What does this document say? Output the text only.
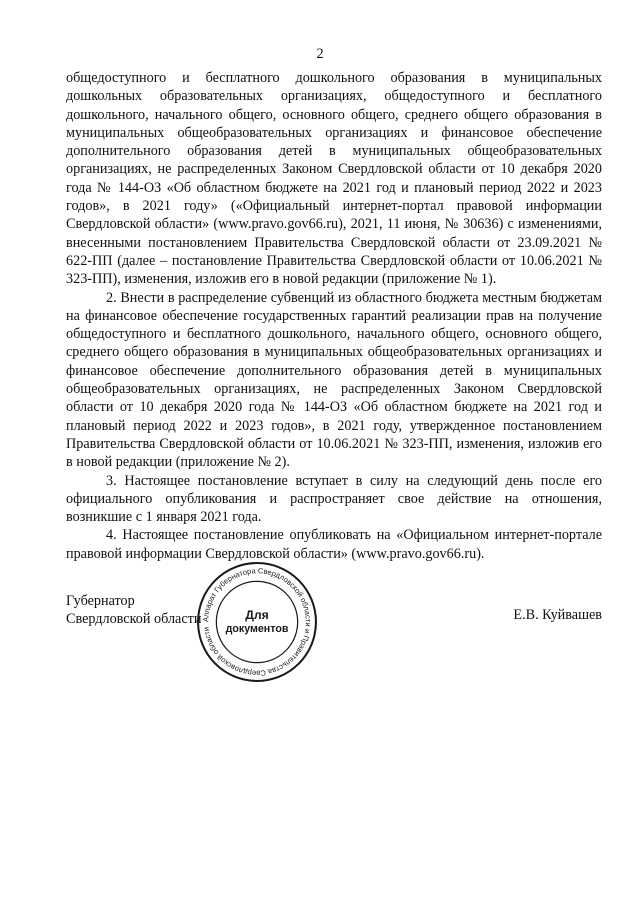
2

общедоступного и бесплатного дошкольного образования в муниципальных дошкольных образовательных организациях, общедоступного и бесплатного дошкольного, начального общего, основного общего, среднего общего образования в муниципальных общеобразовательных организациях и финансовое обеспечение дополнительного образования детей в муниципальных общеобразовательных организациях, не распределенных Законом Свердловской области от 10 декабря 2020 года № 144-ОЗ «Об областном бюджете на 2021 год и плановый период 2022 и 2023 годов», в 2021 году» («Официальный интернет-портал правовой информации Свердловской области» (www.pravo.gov66.ru), 2021, 11 июня, № 30636) с изменениями, внесенными постановлением Правительства Свердловской области от 23.09.2021 № 622-ПП (далее – постановление Правительства Свердловской области от 10.06.2021 № 323-ПП), изменения, изложив его в новой редакции (приложение № 1).

2. Внести в распределение субвенций из областного бюджета местным бюджетам на финансовое обеспечение государственных гарантий реализации прав на получение общедоступного и бесплатного дошкольного, начального общего, основного общего, среднего общего образования в муниципальных общеобразовательных организациях и финансовое обеспечение дополнительного образования детей в муниципальных общеобразовательных организациях, не распределенных Законом Свердловской области от 10 декабря 2020 года № 144-ОЗ «Об областном бюджете на 2021 год и плановый период 2022 и 2023 годов», в 2021 году, утвержденное постановлением Правительства Свердловской области от 10.06.2021 № 323-ПП, изменения, изложив его в новой редакции (приложение № 2).

3. Настоящее постановление вступает в силу на следующий день после его официального опубликования и распространяет свое действие на отношения, возникшие с 1 января 2021 года.

4. Настоящее постановление опубликовать на «Официальном интернет-портале правовой информации Свердловской области» (www.pravo.gov66.ru).

Губернатор
Свердловской области	Е.В. Куйвашев
Аппарат Губернатора Свердловской области и Правительства Свердловской области
Для
документов
